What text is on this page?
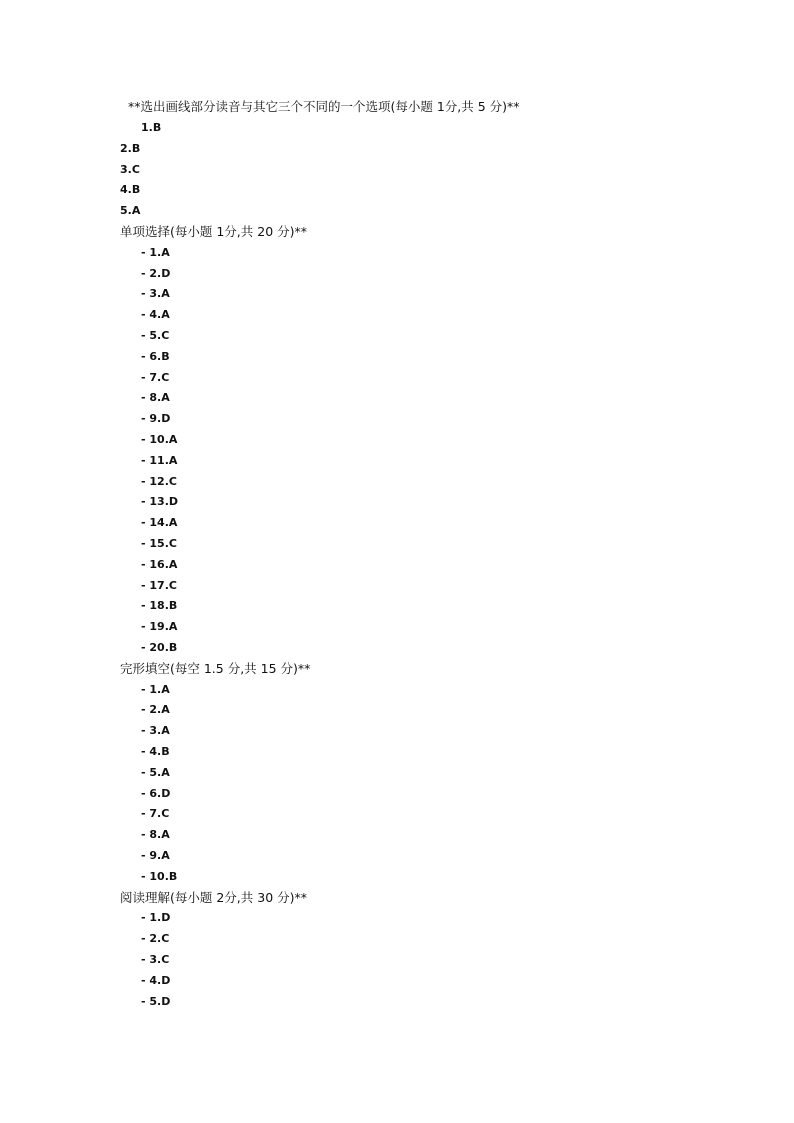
**选出画线部分读音与其它三个不同的一个选项(每小题 1分,共 5 分)**
1.B
2.B
3.C
4.B
5.A
单项选择(每小题 1分,共 20 分)**
- 1.A
- 2.D
- 3.A
- 4.A
- 5.C
- 6.B
- 7.C
- 8.A
- 9.D
- 10.A
- 11.A
- 12.C
- 13.D
- 14.A
- 15.C
- 16.A
- 17.C
- 18.B
- 19.A
- 20.B
完形填空(每空 1.5 分,共 15 分)**
- 1.A
- 2.A
- 3.A
- 4.B
- 5.A
- 6.D
- 7.C
- 8.A
- 9.A
- 10.B
阅读理解(每小题 2分,共 30 分)**
- 1.D
- 2.C
- 3.C
- 4.D
- 5.D
